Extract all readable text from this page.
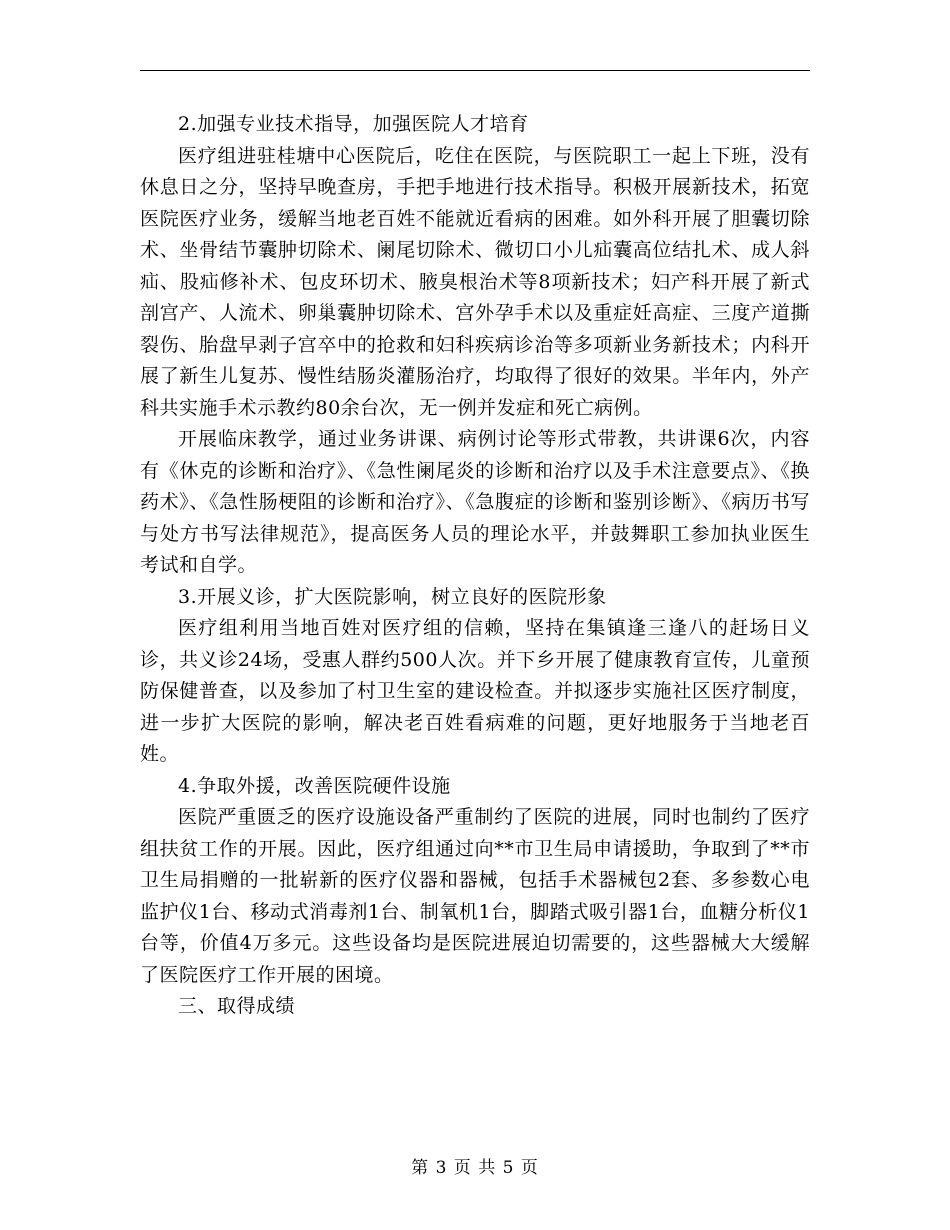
2.加强专业技术指导，加强医院人才培育

医疗组进驻桂塘中心医院后，吃住在医院，与医院职工一起上下班，没有休息日之分，坚持早晚查房，手把手地进行技术指导。积极开展新技术，拓宽医院医疗业务，缓解当地老百姓不能就近看病的困难。如外科开展了胆囊切除术、坐骨结节囊肿切除术、阑尾切除术、微切口小儿疝囊高位结扎术、成人斜疝、股疝修补术、包皮环切术、腋臭根治术等8项新技术；妇产科开展了新式剖宫产、人流术、卵巢囊肿切除术、宫外孕手术以及重症妊高症、三度产道撕裂伤、胎盘早剥子宫卒中的抢救和妇科疾病诊治等多项新业务新技术；内科开展了新生儿复苏、慢性结肠炎灌肠治疗，均取得了很好的效果。半年内，外产科共实施手术示教约80余台次，无一例并发症和死亡病例。

开展临床教学，通过业务讲课、病例讨论等形式带教，共讲课6次，内容有《休克的诊断和治疗》、《急性阑尾炎的诊断和治疗以及手术注意要点》、《换药术》、《急性肠梗阻的诊断和治疗》、《急腹症的诊断和鉴别诊断》、《病历书写与处方书写法律规范》，提高医务人员的理论水平，并鼓舞职工参加执业医生考试和自学。

3.开展义诊，扩大医院影响，树立良好的医院形象

医疗组利用当地百姓对医疗组的信赖，坚持在集镇逢三逢八的赶场日义诊，共义诊24场，受惠人群约500人次。并下乡开展了健康教育宣传，儿童预防保健普查，以及参加了村卫生室的建设检查。并拟逐步实施社区医疗制度，进一步扩大医院的影响，解决老百姓看病难的问题，更好地服务于当地老百姓。

4.争取外援，改善医院硬件设施

医院严重匮乏的医疗设施设备严重制约了医院的进展，同时也制约了医疗组扶贫工作的开展。因此，医疗组通过向**市卫生局申请援助，争取到了**市卫生局捐赠的一批崭新的医疗仪器和器械，包括手术器械包2套、多参数心电监护仪1台、移动式消毒剂1台、制氧机1台，脚踏式吸引器1台，血糖分析仪1台等，价值4万多元。这些设备均是医院进展迫切需要的，这些器械大大缓解了医院医疗工作开展的困境。

三、取得成绩

第 3 页 共 5 页
